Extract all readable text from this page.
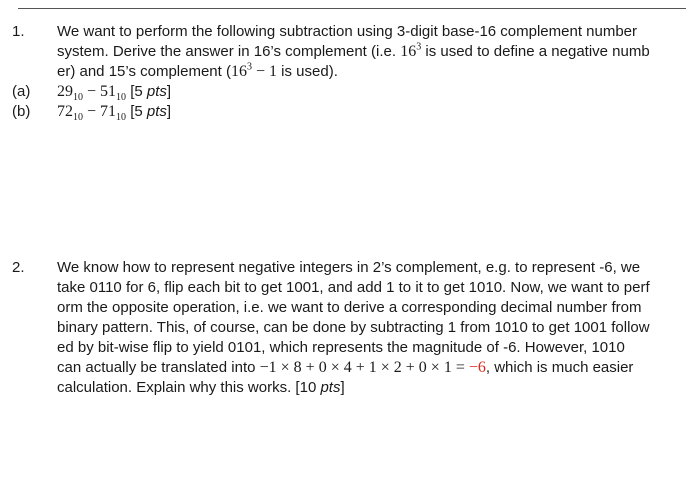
1. We want to perform the following subtraction using 3-digit base-16 complement number
system. Derive the answer in 16’s complement (i.e. $16^3$ is used to define a negative numb
er) and 15’s complement ($16^3 - 1$ is used).
(a) $29_{10} - 51_{10}$ [5 pts]
(b) $72_{10} - 71_{10}$ [5 pts]
2. We know how to represent negative integers in 2’s complement, e.g. to represent -6, we
take 0110 for 6, flip each bit to get 1001, and add 1 to it to get 1010. Now, we want to perf
orm the opposite operation, i.e. we want to derive a corresponding decimal number from
binary pattern. This, of course, can be done by subtracting 1 from 1010 to get 1001 follow
ed by bit-wise flip to yield 0101, which represents the magnitude of -6. However, 1010
can actually be translated into −1 × 8 + 0 × 4 + 1 × 2 + 0 × 1 = −6, which is much easier
calculation. Explain why this works. [10 pts]
